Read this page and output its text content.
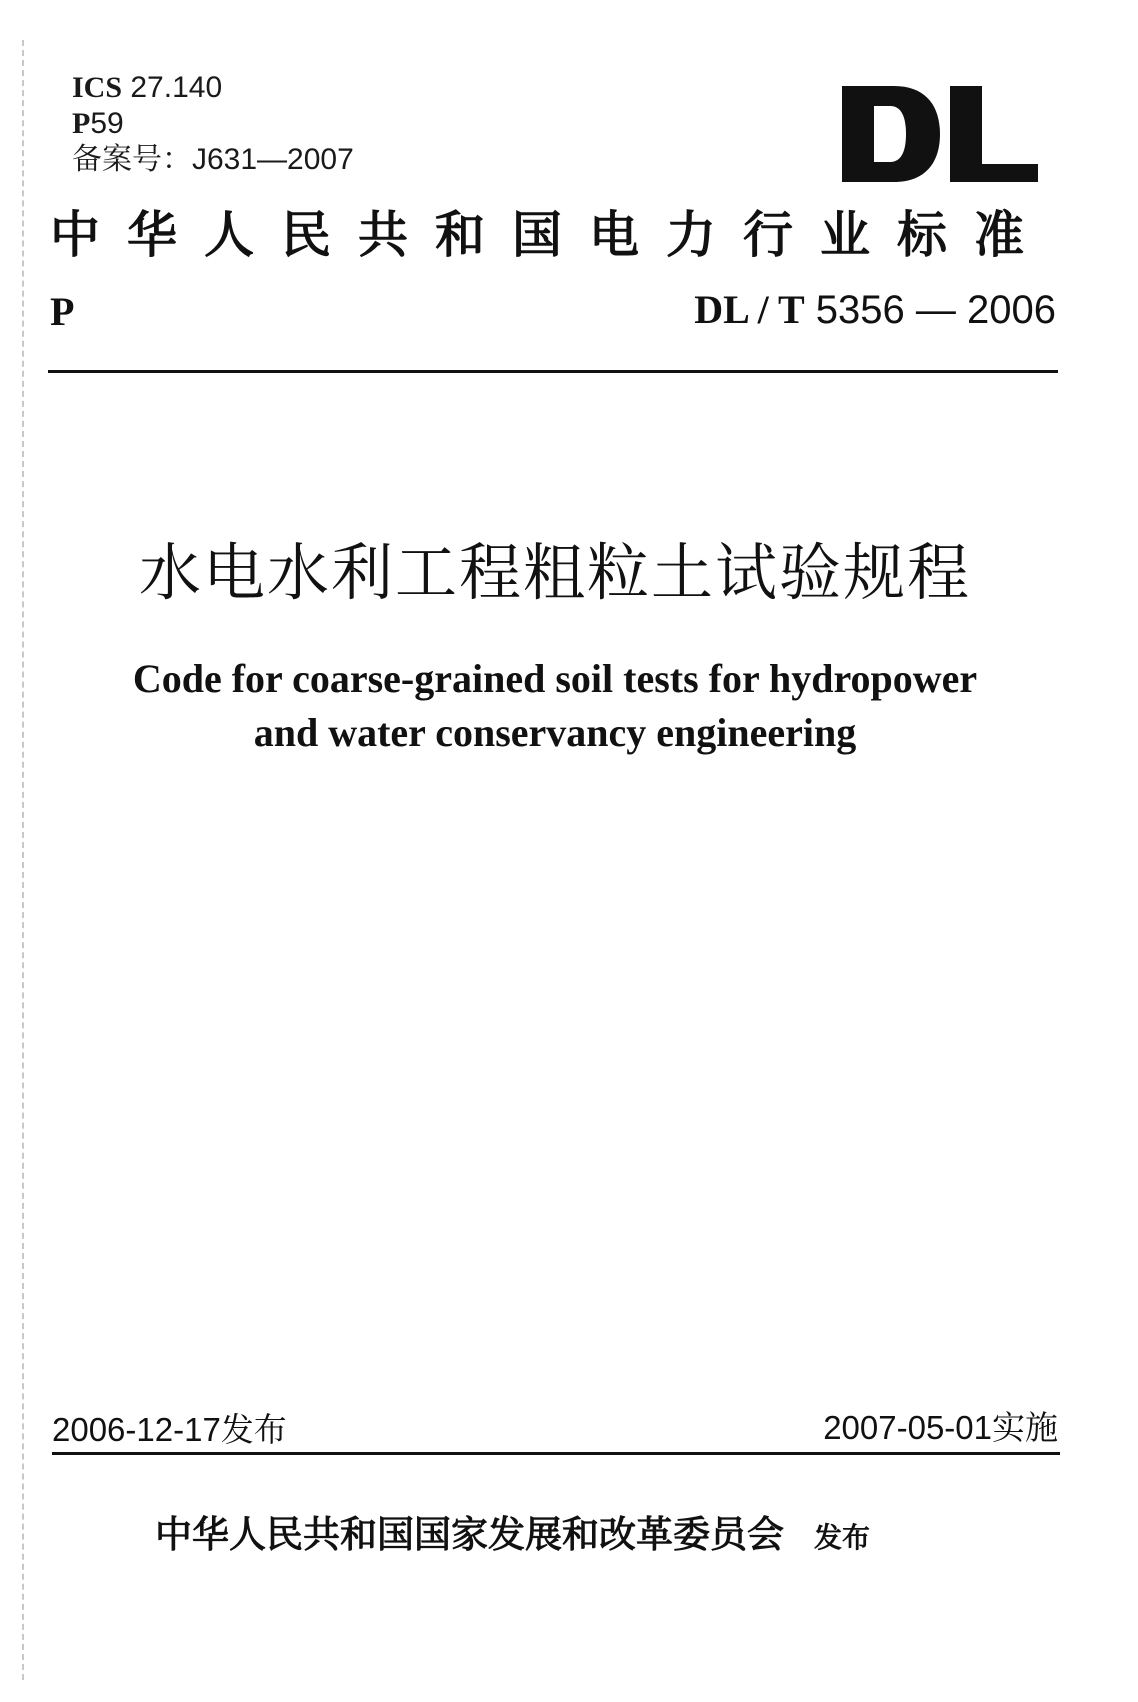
ICS 27.140
P59
备案号：J631—2007
中华人民共和国电力行业标准
P	DL / T 5356 — 2006
水电水利工程粗粒土试验规程
Code for coarse-grained soil tests for hydropower
and water conservancy engineering
2006-12-17发布	2007-05-01实施
中华人民共和国国家发展和改革委员会 发布
